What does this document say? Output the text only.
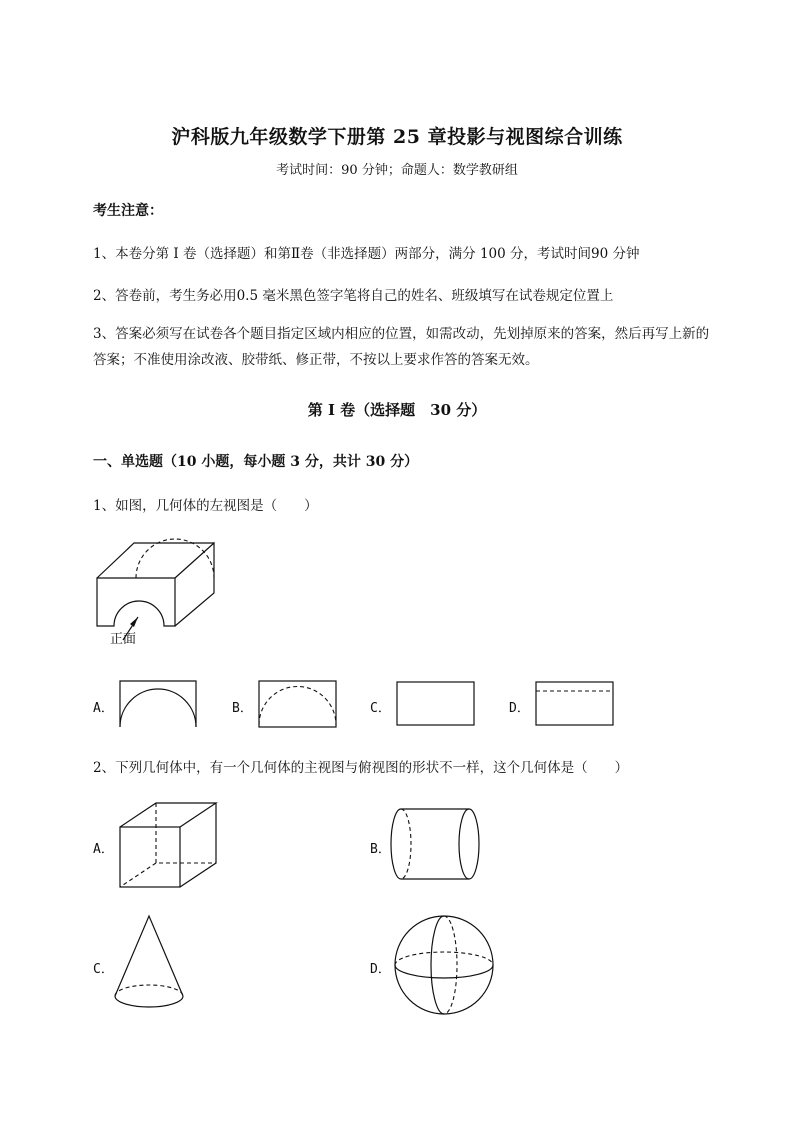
沪科版九年级数学下册第 25 章投影与视图综合训练
考试时间：90 分钟；命题人：数学教研组
考生注意：
1、本卷分第 I 卷（选择题）和第Ⅱ卷（非选择题）两部分，满分 100 分，考试时间90 分钟
2、答卷前，考生务必用0.5 毫米黑色签字笔将自己的姓名、班级填写在试卷规定位置上
3、答案必须写在试卷各个题目指定区域内相应的位置，如需改动，先划掉原来的答案，然后再写上新的答案；不准使用涂改液、胶带纸、修正带，不按以上要求作答的答案无效。
第 I 卷（选择题　30 分）
一、单选题（10 小题，每小题 3 分，共计 30 分）
1、如图，几何体的左视图是（　　）
正面
A．	B．	C．	D．
2、下列几何体中，有一个几何体的主视图与俯视图的形状不一样，这个几何体是（　　）
A．	B．
C．	D．
